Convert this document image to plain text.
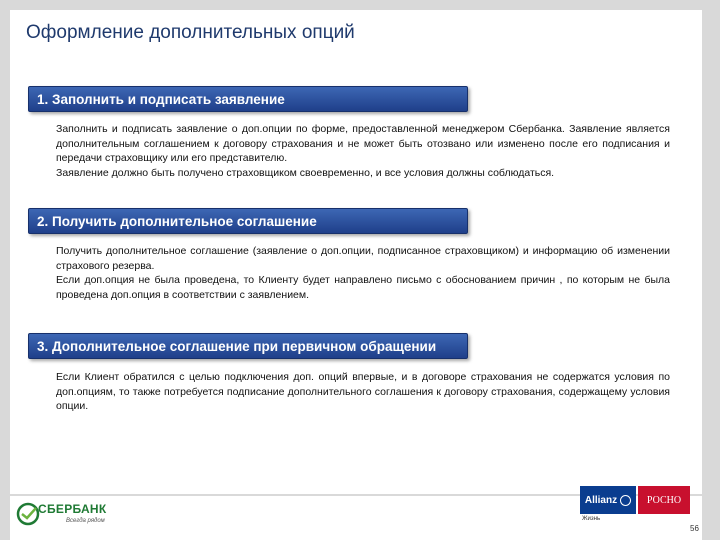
Оформление дополнительных опций
1. Заполнить и подписать заявление

Заполнить и подписать заявление о доп.опции по форме, предоставленной менеджером Сбербанка. Заявление является дополнительным соглашением к договору страхования и не может быть отозвано или изменено после его подписания и передачи страховщику или его представителю.

Заявление должно быть получено страховщиком своевременно, и все условия должны соблюдаться.

2. Получить дополнительное соглашение

Получить дополнительное соглашение (заявление о доп.опции, подписанное страховщиком) и информацию об изменении страхового резерва.

Если доп.опция не была проведена, то Клиенту будет направлено письмо с обоснованием причин , по которым не была проведена доп.опция в соответствии с заявлением.

3. Дополнительное соглашение при первичном обращении

Если Клиент обратился с целью подключения доп. опций впервые, и в договоре страхования не содержатся условия по доп.опциям, то также потребуется подписание дополнительного соглашения к договору страхования, содержащему условия опции.

СБЕРБАНК
Всегда рядом
Allianz	РОСНО
Жизнь
56
